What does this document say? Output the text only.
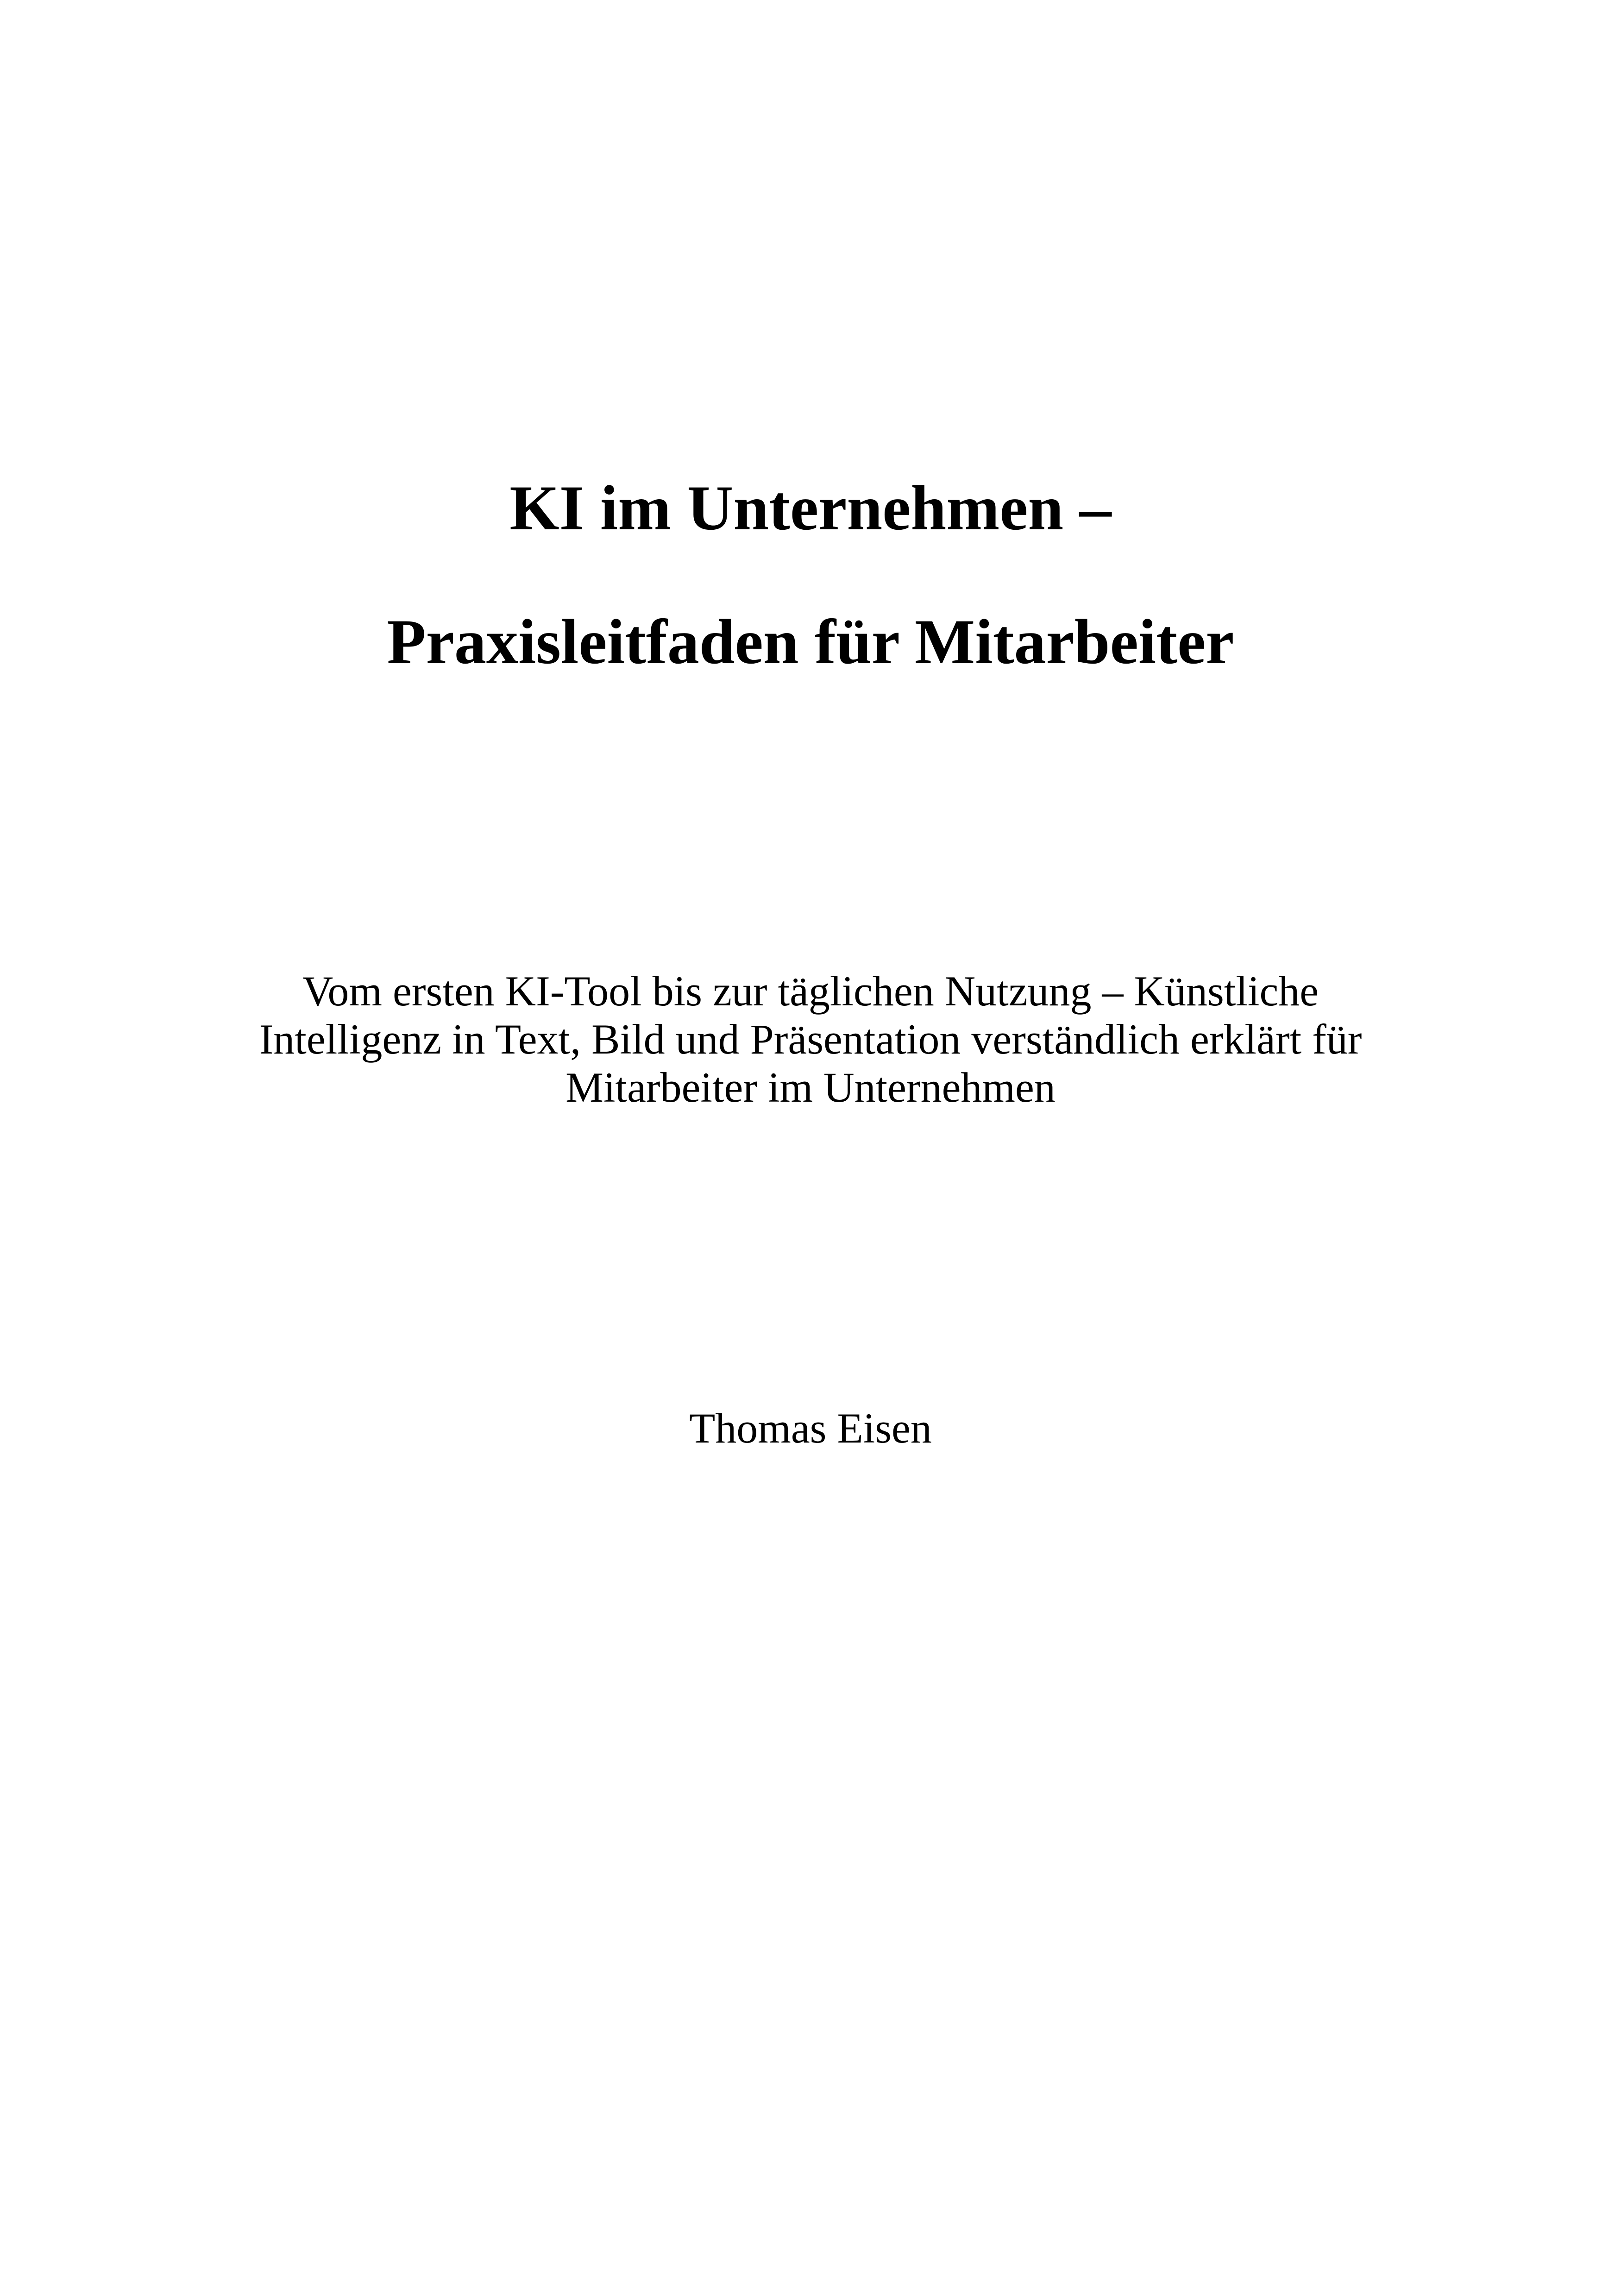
KI im Unternehmen –
Praxisleitfaden für Mitarbeiter
Vom ersten KI-Tool bis zur täglichen Nutzung – Künstliche
Intelligenz in Text, Bild und Präsentation verständlich erklärt für
Mitarbeiter im Unternehmen
Thomas Eisen
